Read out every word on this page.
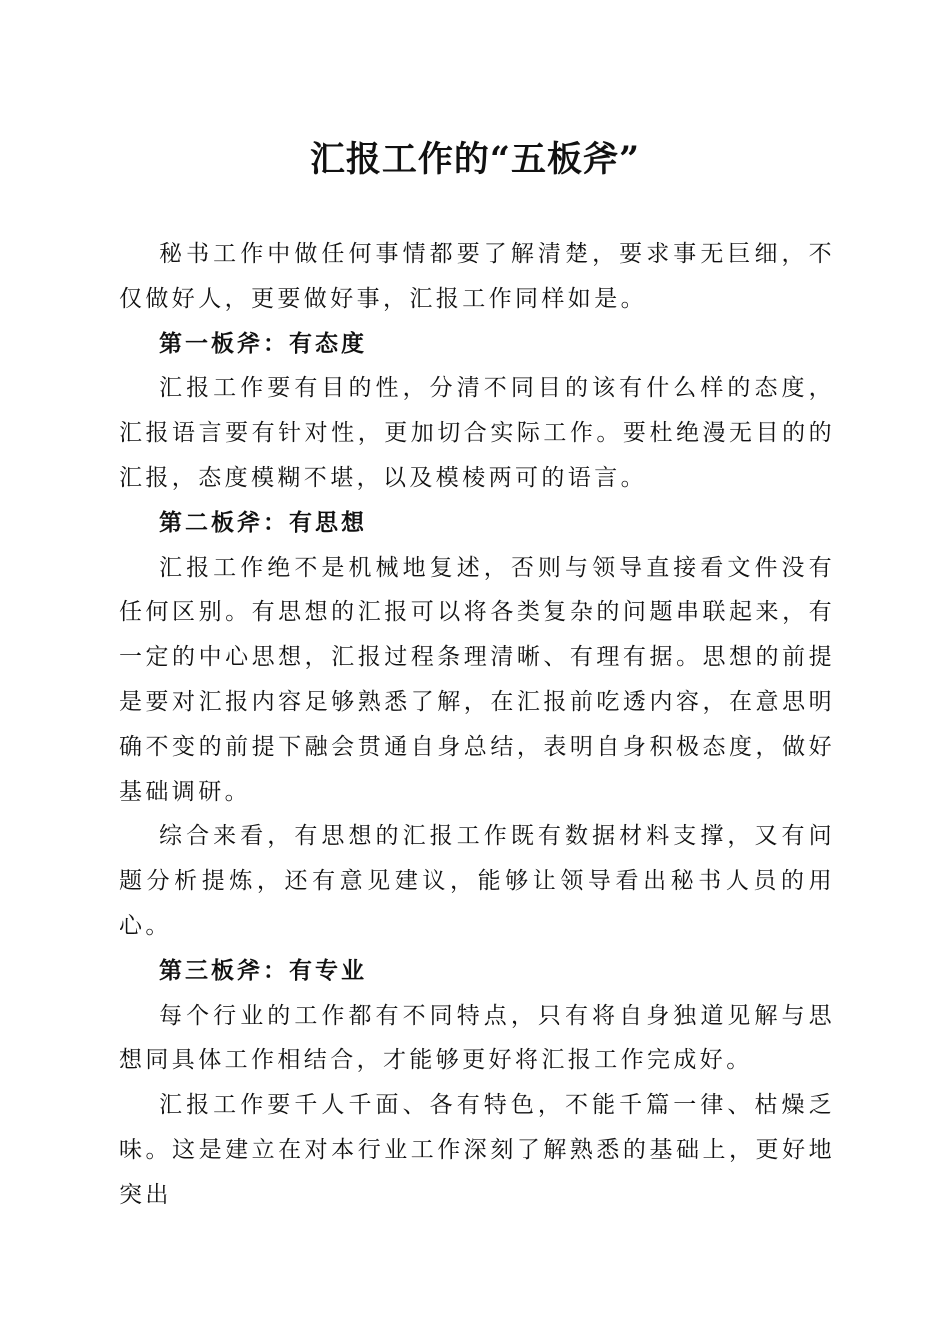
汇报工作的“五板斧”

秘书工作中做任何事情都要了解清楚，要求事无巨细，不仅做好人，更要做好事，汇报工作同样如是。

第一板斧：有态度

汇报工作要有目的性，分清不同目的该有什么样的态度，汇报语言要有针对性，更加切合实际工作。要杜绝漫无目的的汇报，态度模糊不堪，以及模棱两可的语言。

第二板斧：有思想

汇报工作绝不是机械地复述，否则与领导直接看文件没有任何区别。有思想的汇报可以将各类复杂的问题串联起来，有一定的中心思想，汇报过程条理清晰、有理有据。思想的前提是要对汇报内容足够熟悉了解，在汇报前吃透内容，在意思明确不变的前提下融会贯通自身总结，表明自身积极态度，做好基础调研。

综合来看，有思想的汇报工作既有数据材料支撑，又有问题分析提炼，还有意见建议，能够让领导看出秘书人员的用心。

第三板斧：有专业

每个行业的工作都有不同特点，只有将自身独道见解与思想同具体工作相结合，才能够更好将汇报工作完成好。

汇报工作要千人千面、各有特色，不能千篇一律、枯燥乏味。这是建立在对本行业工作深刻了解熟悉的基础上，更好地突出
